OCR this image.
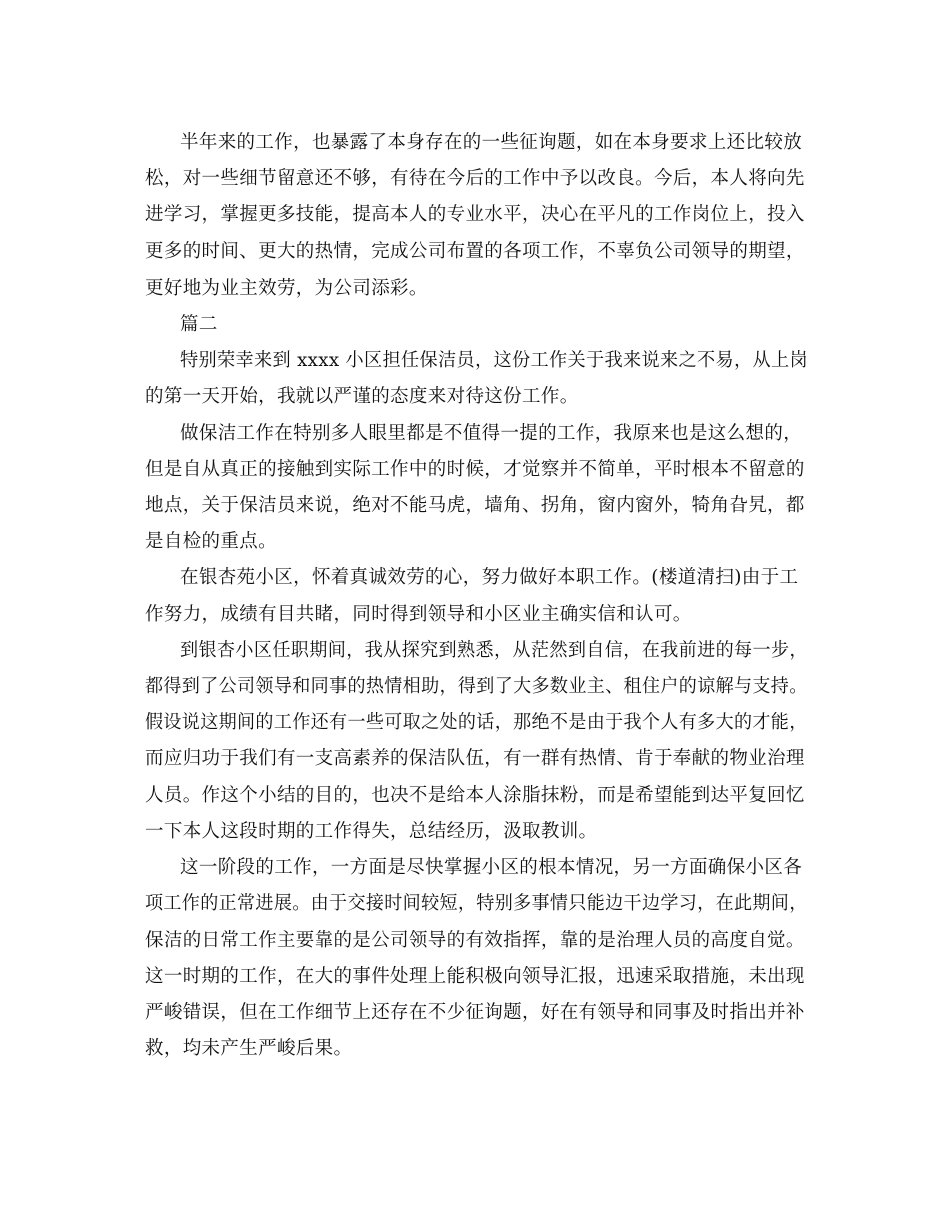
半年来的工作，也暴露了本身存在的一些征询题，如在本身要求上还比较放

松，对一些细节留意还不够，有待在今后的工作中予以改良。今后，本人将向先

进学习，掌握更多技能，提高本人的专业水平，决心在平凡的工作岗位上，投入

更多的时间、更大的热情，完成公司布置的各项工作，不辜负公司领导的期望，

更好地为业主效劳，为公司添彩。

篇二

特别荣幸来到 xxxx 小区担任保洁员，这份工作关于我来说来之不易，从上岗

的第一天开始，我就以严谨的态度来对待这份工作。

做保洁工作在特别多人眼里都是不值得一提的工作，我原来也是这么想的，

但是自从真正的接触到实际工作中的时候，才觉察并不简单，平时根本不留意的

地点，关于保洁员来说，绝对不能马虎，墙角、拐角，窗内窗外，犄角旮旯，都

是自检的重点。

在银杏苑小区，怀着真诚效劳的心，努力做好本职工作。(楼道清扫)由于工

作努力，成绩有目共睹，同时得到领导和小区业主确实信和认可。

到银杏小区任职期间，我从探究到熟悉，从茫然到自信，在我前进的每一步，

都得到了公司领导和同事的热情相助，得到了大多数业主、租住户的谅解与支持。

假设说这期间的工作还有一些可取之处的话，那绝不是由于我个人有多大的才能，

而应归功于我们有一支高素养的保洁队伍，有一群有热情、肯于奉献的物业治理

人员。作这个小结的目的，也决不是给本人涂脂抹粉，而是希望能到达平复回忆

一下本人这段时期的工作得失，总结经历，汲取教训。

这一阶段的工作，一方面是尽快掌握小区的根本情况，另一方面确保小区各

项工作的正常进展。由于交接时间较短，特别多事情只能边干边学习，在此期间，

保洁的日常工作主要靠的是公司领导的有效指挥，靠的是治理人员的高度自觉。

这一时期的工作，在大的事件处理上能积极向领导汇报，迅速采取措施，未出现

严峻错误，但在工作细节上还存在不少征询题，好在有领导和同事及时指出并补

救，均未产生严峻后果。
